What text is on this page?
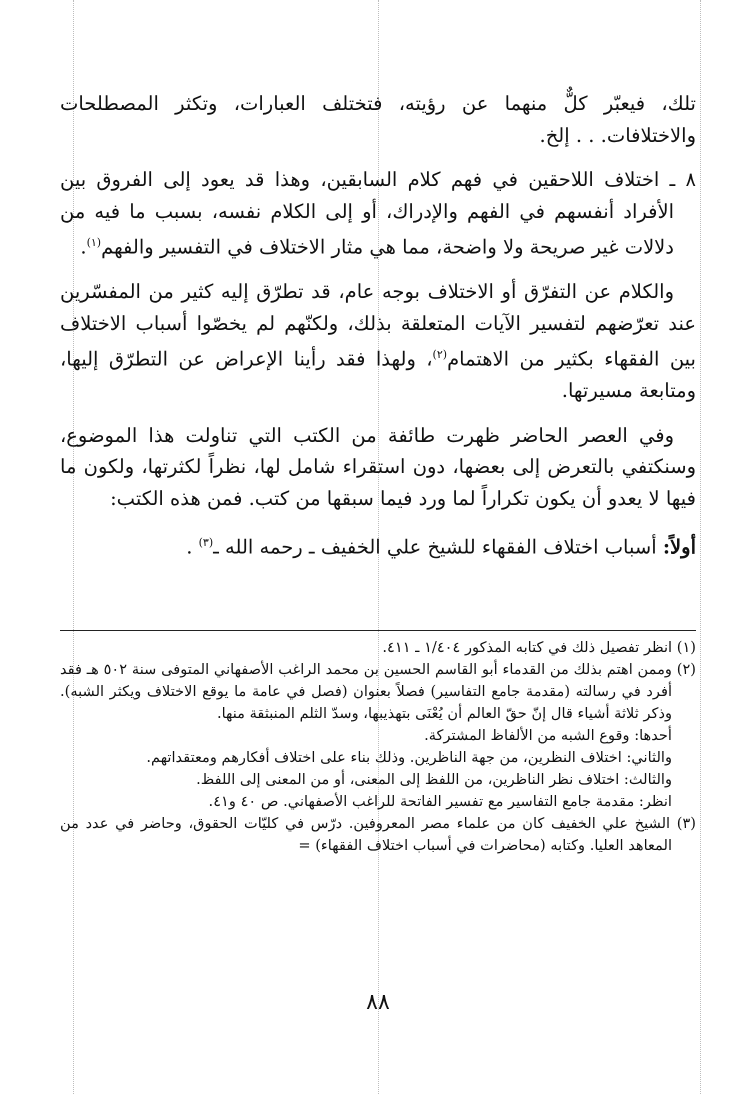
تلك، فيعبّر كلٌّ منهما عن رؤيته، فتختلف العبارات، وتكثر المصطلحات والاختلافات. . . إلخ.

٨ ـ اختلاف اللاحقين في فهم كلام السابقين، وهذا قد يعود إلى الفروق بين الأفراد أنفسهم في الفهم والإدراك، أو إلى الكلام نفسه، بسبب ما فيه من دلالات غير صريحة ولا واضحة، مما هي مثار الاختلاف في التفسير والفهم$^{(١)}$.

والكلام عن التفرّق أو الاختلاف بوجه عام، قد تطرّق إليه كثير من المفسّرين عند تعرّضهم لتفسير الآيات المتعلقة بذلك، ولكنّهم لم يخصّوا أسباب الاختلاف بين الفقهاء بكثير من الاهتمام$^{(٢)}$، ولهذا فقد رأينا الإعراض عن التطرّق إليها، ومتابعة مسيرتها.

وفي العصر الحاضر ظهرت طائفة من الكتب التي تناولت هذا الموضوع، وسنكتفي بالتعرض إلى بعضها، دون استقراء شامل لها، نظراً لكثرتها، ولكون ما فيها لا يعدو أن يكون تكراراً لما ورد فيما سبقها من كتب. فمن هذه الكتب:

أولاً: أسباب اختلاف الفقهاء للشيخ علي الخفيف ـ رحمه الله ـ$^{(٣)}$ .

(١) انظر تفصيل ذلك في كتابه المذكور ١/٤٠٤ ـ ٤١١.

(٢) وممن اهتم بذلك من القدماء أبو القاسم الحسين بن محمد الراغب الأصفهاني المتوفى سنة ٥٠٢ هـ فقد أفرد في رسالته (مقدمة جامع التفاسير) فصلاً بعنوان (فصل في عامة ما يوقع الاختلاف ويكثر الشبه). وذكر ثلاثة أشياء قال إنّ حقّ العالم أن يُعْنَى بتهذيبها، وسدّ الثلم المنبثقة منها.

أحدها: وقوع الشبه من الألفاظ المشتركة.

والثاني: اختلاف النظرين، من جهة الناظرين. وذلك بناء على اختلاف أفكارهم ومعتقداتهم.

والثالث: اختلاف نظر الناظرين، من اللفظ إلى المعنى، أو من المعنى إلى اللفظ.

انظر: مقدمة جامع التفاسير مع تفسير الفاتحة للراغب الأصفهاني. ص ٤٠ و٤١.

(٣) الشيخ علي الخفيف كان من علماء مصر المعروفين. درّس في كليّات الحقوق، وحاضر في عدد من المعاهد العليا. وكتابه (محاضرات في أسباب اختلاف الفقهاء) =

٨٨
